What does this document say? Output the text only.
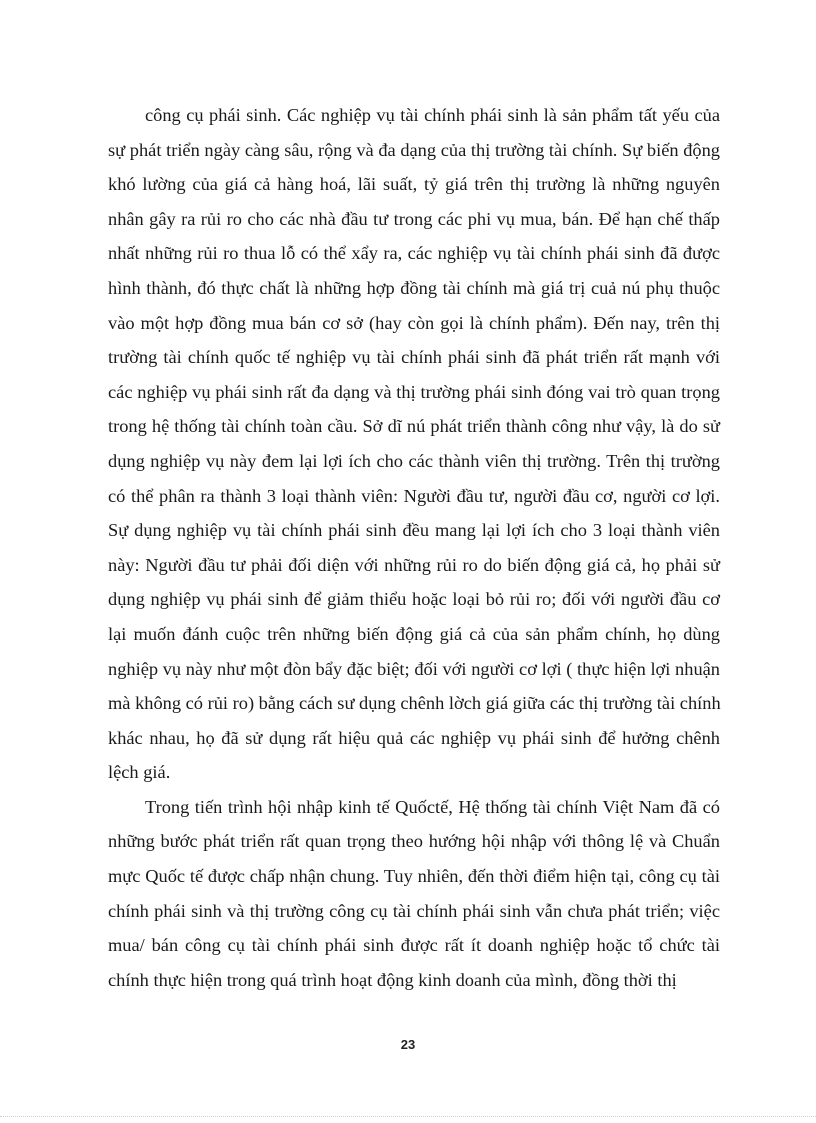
công cụ phái sinh. Các nghiệp vụ tài chính phái sinh là sản phẩm tất yếu của
sự phát triển ngày càng sâu, rộng và đa dạng của thị trường tài chính. Sự biến động
khó lường của giá cả hàng hoá, lãi suất, tỷ giá trên thị trường là những nguyên
nhân gây ra rủi ro cho các nhà đầu tư trong các phi vụ mua, bán. Để hạn chế thấp
nhất những rủi ro thua lỗ có thể xẩy ra, các nghiệp vụ tài chính phái sinh đã được
hình thành, đó thực chất là những hợp đồng tài chính mà giá trị cuả nú phụ thuộc
vào một hợp đồng mua bán cơ sở (hay còn gọi là chính phẩm). Đến nay, trên thị
trường tài chính quốc tế nghiệp vụ tài chính phái sinh đã phát triển rất mạnh với
các nghiệp vụ phái sinh rất đa dạng và thị trường phái sinh đóng vai trò quan trọng
trong hệ thống tài chính toàn cầu. Sở dĩ nú phát triển thành công như vậy, là do sử
dụng nghiệp vụ này đem lại lợi ích cho các thành viên thị trường. Trên thị trường
có thể phân ra thành 3 loại thành viên: Người đầu tư, người đầu cơ, người cơ lợi.
Sự dụng nghiệp vụ tài chính phái sinh đều mang lại lợi ích cho 3 loại thành viên
này: Người đầu tư phải đối diện với những rủi ro do biến động giá cả, họ phải sử
dụng nghiệp vụ phái sinh để giảm thiểu hoặc loại bỏ rủi ro; đối với người đầu cơ
lại muốn đánh cuộc trên những biến động giá cả của sản phẩm chính, họ dùng
nghiệp vụ này như một đòn bẩy đặc biệt; đối với người cơ lợi ( thực hiện lợi nhuận
mà không có rủi ro) bằng cách sư dụng chênh lờch giá giữa các thị trường tài chính
khác nhau, họ đã sử dụng rất hiệu quả các nghiệp vụ phái sinh để hưởng chênh
lệch giá.
Trong tiến trình hội nhập kinh tế Quốctế, Hệ thống tài chính Việt Nam đã có
những bước phát triển rất quan trọng theo hướng hội nhập với thông lệ và Chuẩn
mực Quốc tế được chấp nhận chung. Tuy nhiên, đến thời điểm hiện tại, công cụ tài
chính phái sinh và thị trường công cụ tài chính phái sinh vẫn chưa phát triển; việc
mua/ bán công cụ tài chính phái sinh được rất ít doanh nghiệp hoặc tổ chức tài
chính thực hiện trong quá trình hoạt động kinh doanh của mình, đồng thời thị
23
